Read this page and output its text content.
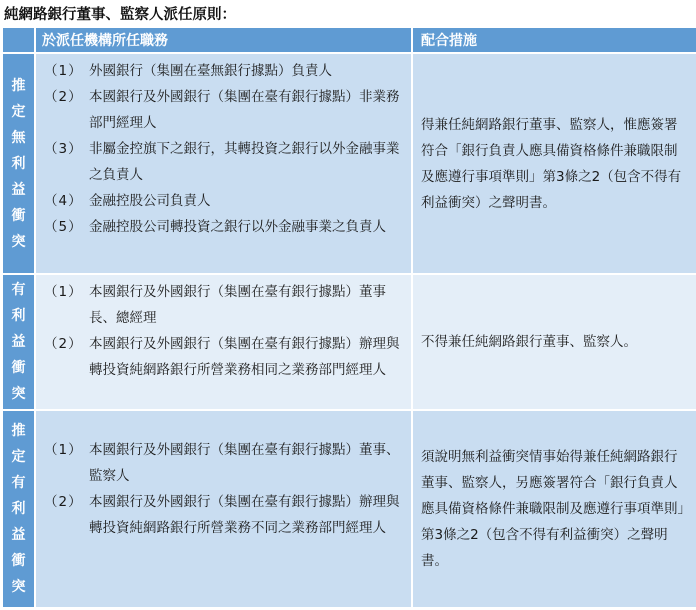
純網路銀行董事、監察人派任原則：
於派任機構所任職務	配合措施
推
定
無
利
益
衝
突
（1） 外國銀行（集團在臺無銀行據點）負責人
（2） 本國銀行及外國銀行（集團在臺有銀行據點）非業務部門經理人
（3） 非屬金控旗下之銀行，其轉投資之銀行以外金融事業之負責人
（4） 金融控股公司負責人
（5） 金融控股公司轉投資之銀行以外金融事業之負責人
得兼任純網路銀行董事、監察人，惟應簽署符合「銀行負責人應具備資格條件兼職限制及應遵行事項準則」第3條之2（包含不得有利益衝突）之聲明書。
有
利
益
衝
突
（1） 本國銀行及外國銀行（集團在臺有銀行據點）董事長、總經理
（2） 本國銀行及外國銀行（集團在臺有銀行據點）辦理與轉投資純網路銀行所營業務相同之業務部門經理人
不得兼任純網路銀行董事、監察人。
推
定
有
利
益
衝
突
（1） 本國銀行及外國銀行（集團在臺有銀行據點）董事、監察人
（2） 本國銀行及外國銀行（集團在臺有銀行據點）辦理與轉投資純網路銀行所營業務不同之業務部門經理人
須說明無利益衝突情事始得兼任純網路銀行董事、監察人，另應簽署符合「銀行負責人應具備資格條件兼職限制及應遵行事項準則」第3條之2（包含不得有利益衝突）之聲明書。
